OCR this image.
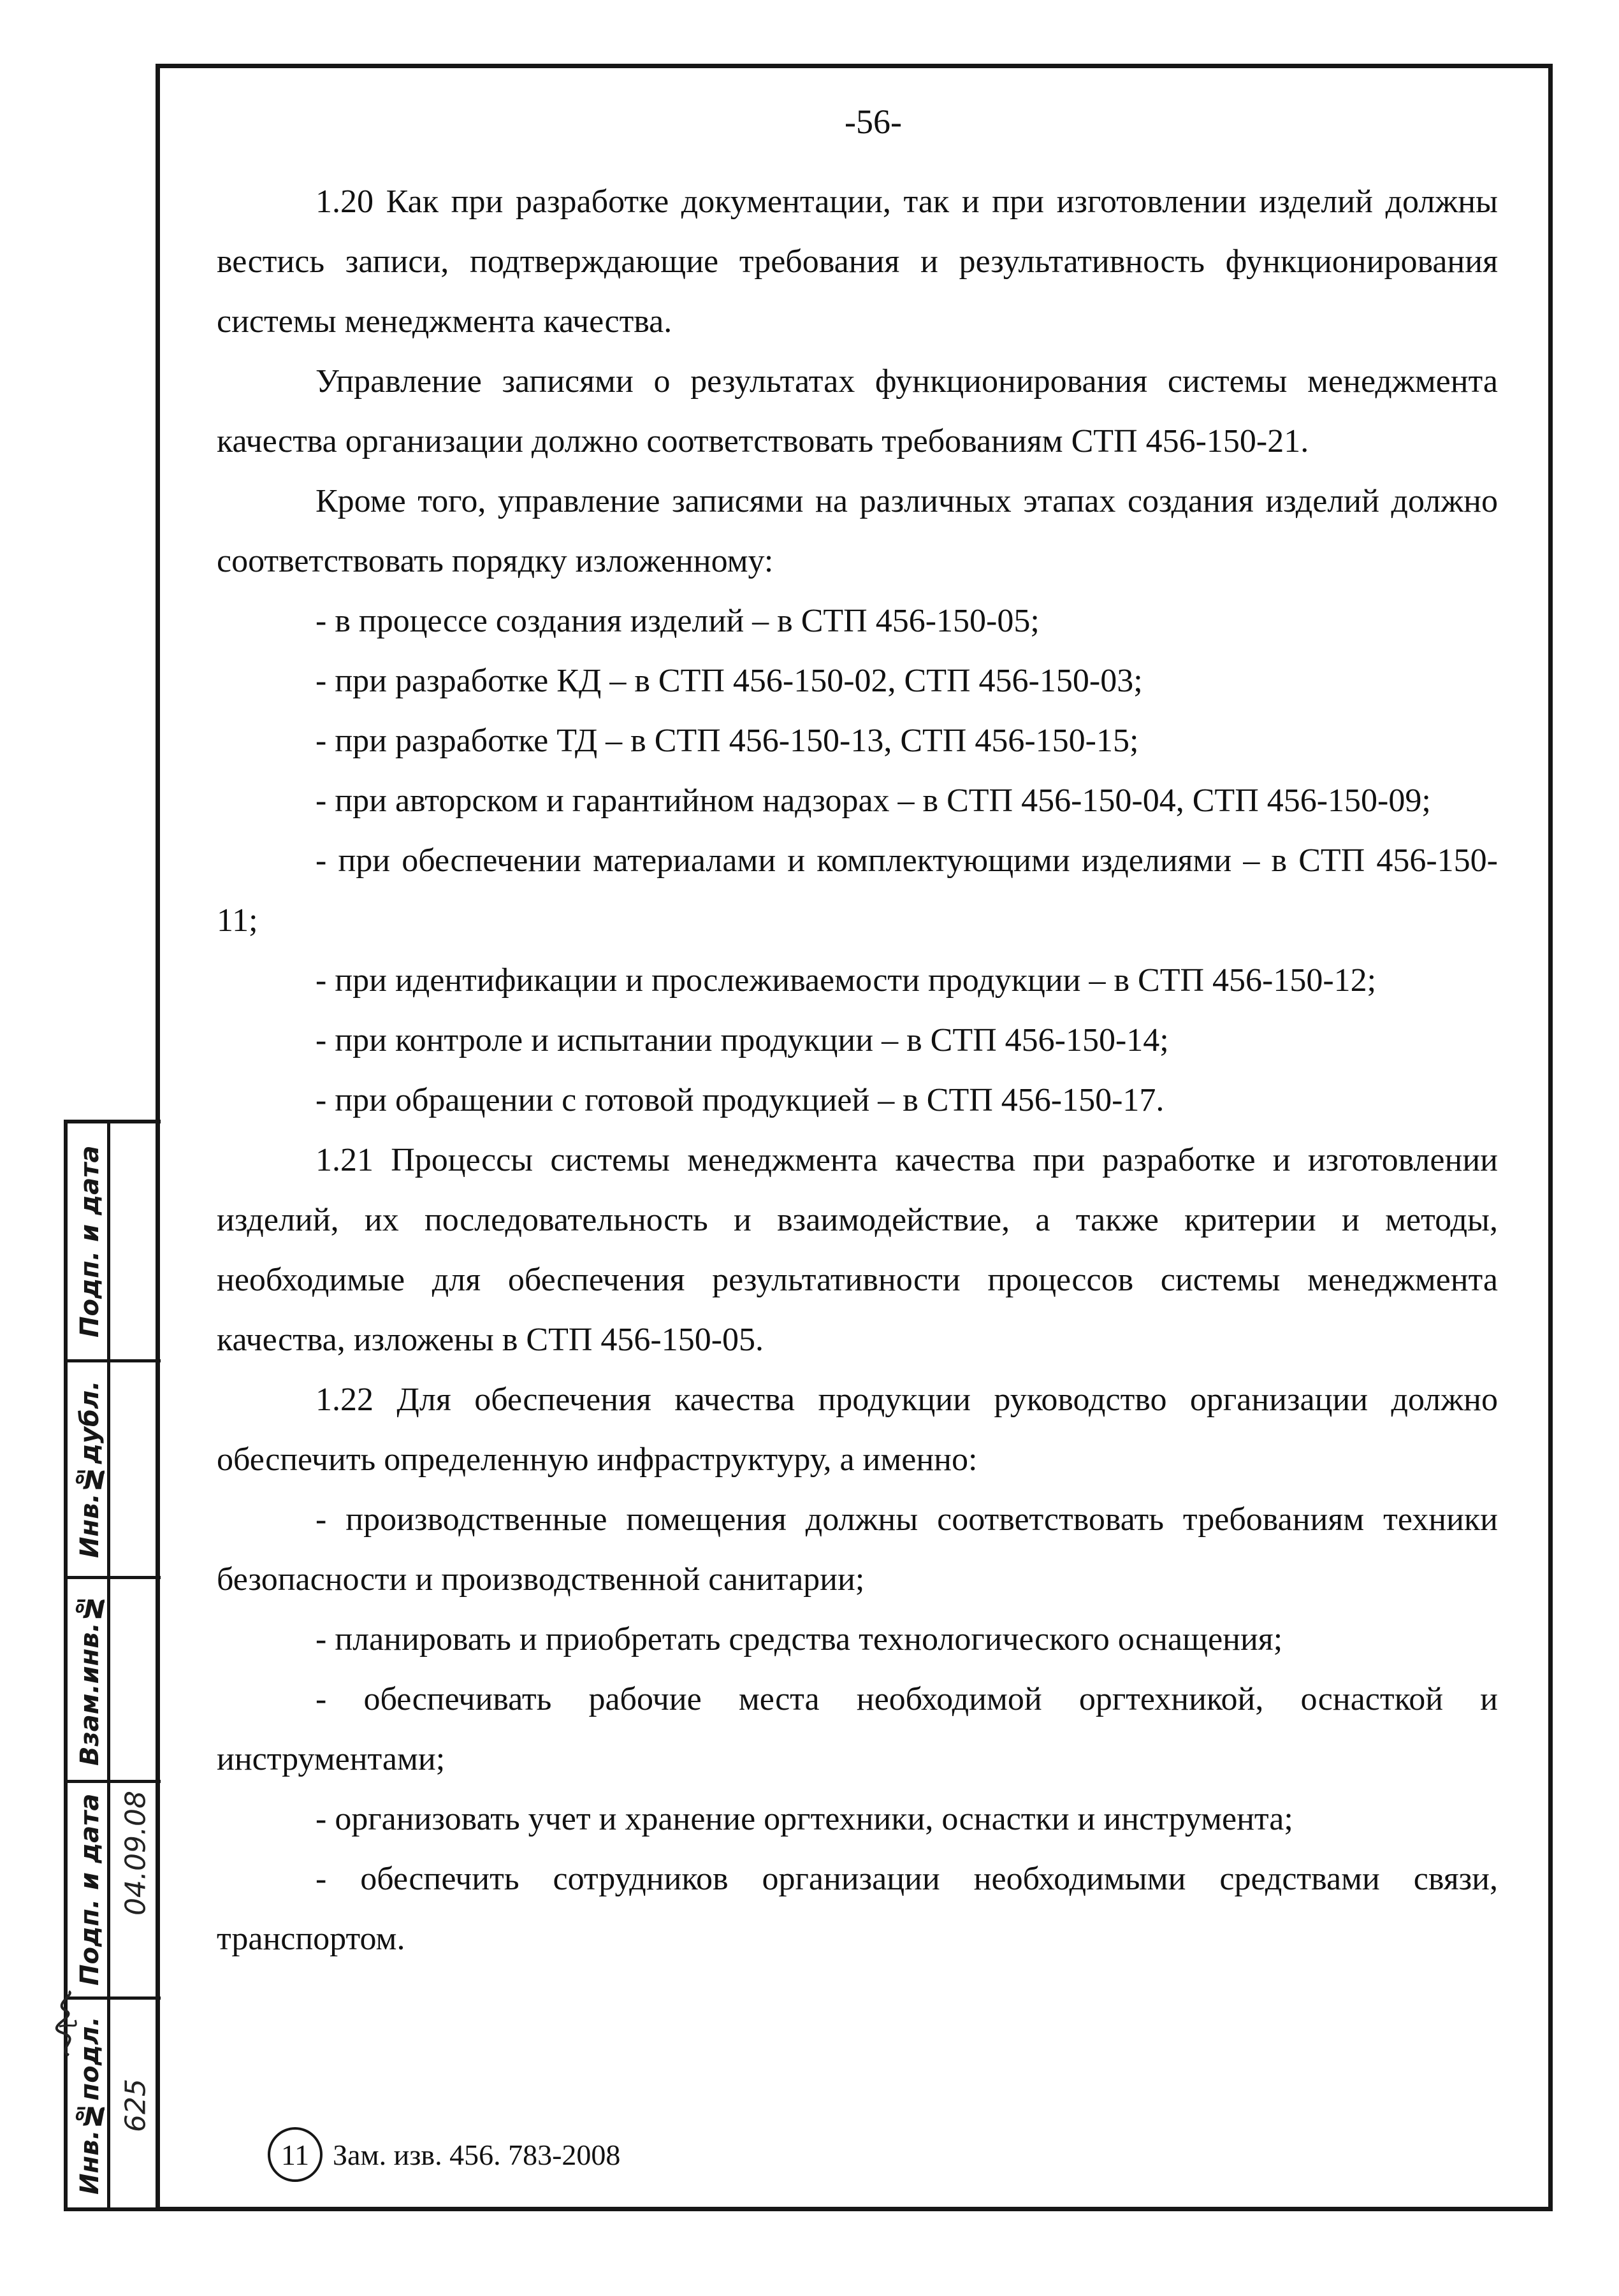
-56-

1.20 Как при разработке документации, так и при изготовлении изделий должны вестись записи, подтверждающие требования и результативность функционирования системы менеджмента качества.

Управление записями о результатах функционирования системы менеджмента качества организации должно соответствовать требованиям СТП 456-150-21.

Кроме того, управление записями на различных этапах создания изделий должно соответствовать порядку изложенному:

- в процессе создания изделий – в СТП 456-150-05;

- при разработке КД – в СТП 456-150-02, СТП 456-150-03;

- при разработке ТД – в СТП 456-150-13, СТП 456-150-15;

- при авторском и гарантийном надзорах – в СТП 456-150-04, СТП 456-150-09;

- при обеспечении материалами и комплектующими изделиями – в СТП 456-150-11;

- при идентификации и прослеживаемости продукции – в СТП 456-150-12;

- при контроле и испытании продукции – в СТП 456-150-14;

- при обращении с готовой продукцией – в СТП 456-150-17.

1.21 Процессы системы менеджмента качества при разработке и изготовлении изделий, их последовательность и взаимодействие, а также критерии и методы, необходимые для обеспечения результативности процессов системы менеджмента качества, изложены в СТП 456-150-05.

1.22 Для обеспечения качества продукции руководство организации должно обеспечить определенную инфраструктуру, а именно:

- производственные помещения должны соответствовать требованиям техники безопасности и производственной санитарии;

- планировать и приобретать средства технологического оснащения;

- обеспечивать рабочие места необходимой оргтехникой, оснасткой и инструментами;

- организовать учет и хранение оргтехники, оснастки и инструмента;

- обеспечить сотрудников организации необходимыми средствами связи, транспортом.

11 Зам. изв. 456. 783-2008
Инв.№подл.
Подп. и дата
Взам.инв.№
Инв.№дубл.
Подп. и дата
625
04.09.08
